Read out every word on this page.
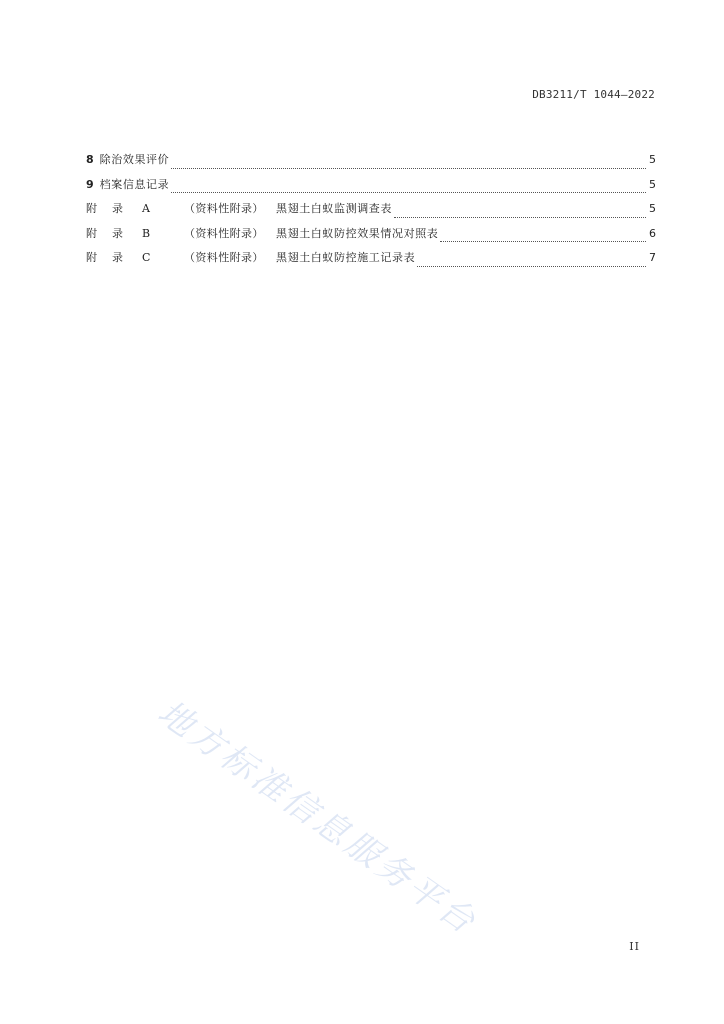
DB3211/T 1044—2022
8 除治效果评价	5
9 档案信息记录	5
附 录 A	（资料性附录）	黑翅土白蚁监测调查表	5
附 录 B	（资料性附录）	黑翅土白蚁防控效果情况对照表	6
附 录 C	（资料性附录）	黑翅土白蚁防控施工记录表	7
地方标准信息服务平台
II
